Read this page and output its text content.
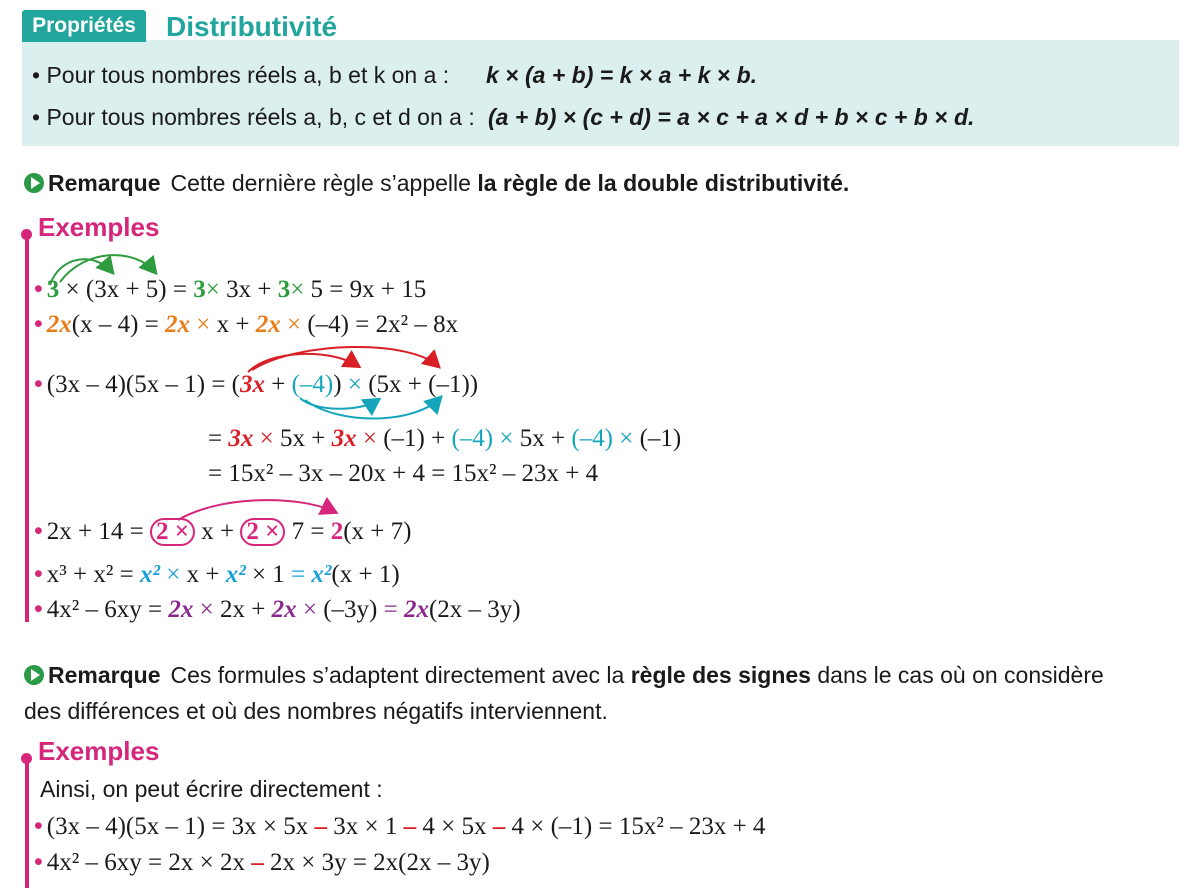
Propriétés	Distributivité
• Pour tous nombres réels a, b et k on a : k × (a + b) = k × a + k × b.
• Pour tous nombres réels a, b, c et d on a : (a + b) × (c + d) = a × c + a × d + b × c + b × d.
Remarque Cette dernière règle s’appelle la règle de la double distributivité.
Exemples
• 3 × (3x + 5) = 3× 3x + 3× 5 = 9x + 15
• 2x(x – 4) = 2x × x + 2x × (–4) = 2x² – 8x
• (3x – 4)(5x – 1) = (3x + (–4)) × (5x + (–1))
= 3x × 5x + 3x × (–1) + (–4) × 5x + (–4) × (–1)
= 15x² – 3x – 20x + 4 = 15x² – 23x + 4
• 2x + 14 = 2 × x + 2 × 7 = 2(x + 7)
• x³ + x² = x² × x + x² × 1 = x²(x + 1)
• 4x² – 6xy = 2x × 2x + 2x × (–3y) = 2x(2x – 3y)
Remarque Ces formules s’adaptent directement avec la règle des signes dans le cas où on considère
des différences et où des nombres négatifs interviennent.
Exemples
Ainsi, on peut écrire directement :
• (3x – 4)(5x – 1) = 3x × 5x – 3x × 1 – 4 × 5x – 4 × (–1) = 15x² – 23x + 4
• 4x² – 6xy = 2x × 2x – 2x × 3y = 2x(2x – 3y)
